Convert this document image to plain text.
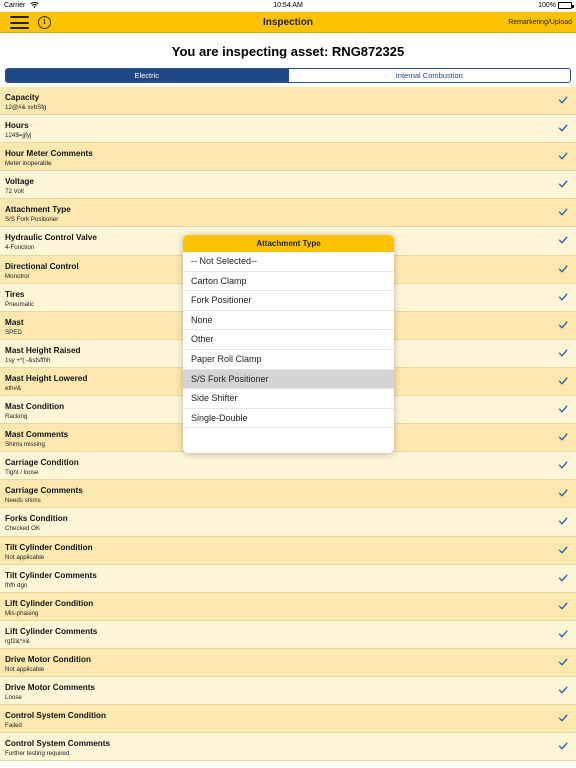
Carrier	10:54 AM	100%
i	Inspection	Remarketing/Upload
You are inspecting asset: RNG872325
Electric	Internal Combustion
Capacity
12@#& xvbSfg
Hours
124$=jjfyj
Hour Meter Comments
Meter inoperable
Voltage
72 Volt
Attachment Type
S/S Fork Positioner
Hydraulic Control Valve
4-Function
Directional Control
Monotrol
Tires
Pneumatic
Mast
SPED
Mast Height Raised
1sy +*( -&sfsffhh
Mast Height Lowered
eth#&
Mast Condition
Racking
Mast Comments
Shims missing
Carriage Condition
Tight / loose
Carriage Comments
Needs shims
Forks Condition
Checked OK
Tilt Cylinder Condition
Not applicable
Tilt Cylinder Comments
fhfh dgn
Lift Cylinder Condition
Mis-phasing
Lift Cylinder Comments
rgf2&*#&
Drive Motor Condition
Not applicable
Drive Motor Comments
Loose
Control System Condition
Failed
Control System Comments
Further testing required
Attachment Type
-- Not Selected--
Carton Clamp
Fork Positioner
None
Other
Paper Roll Clamp
S/S Fork Positioner
Side Shifter
Single-Double
